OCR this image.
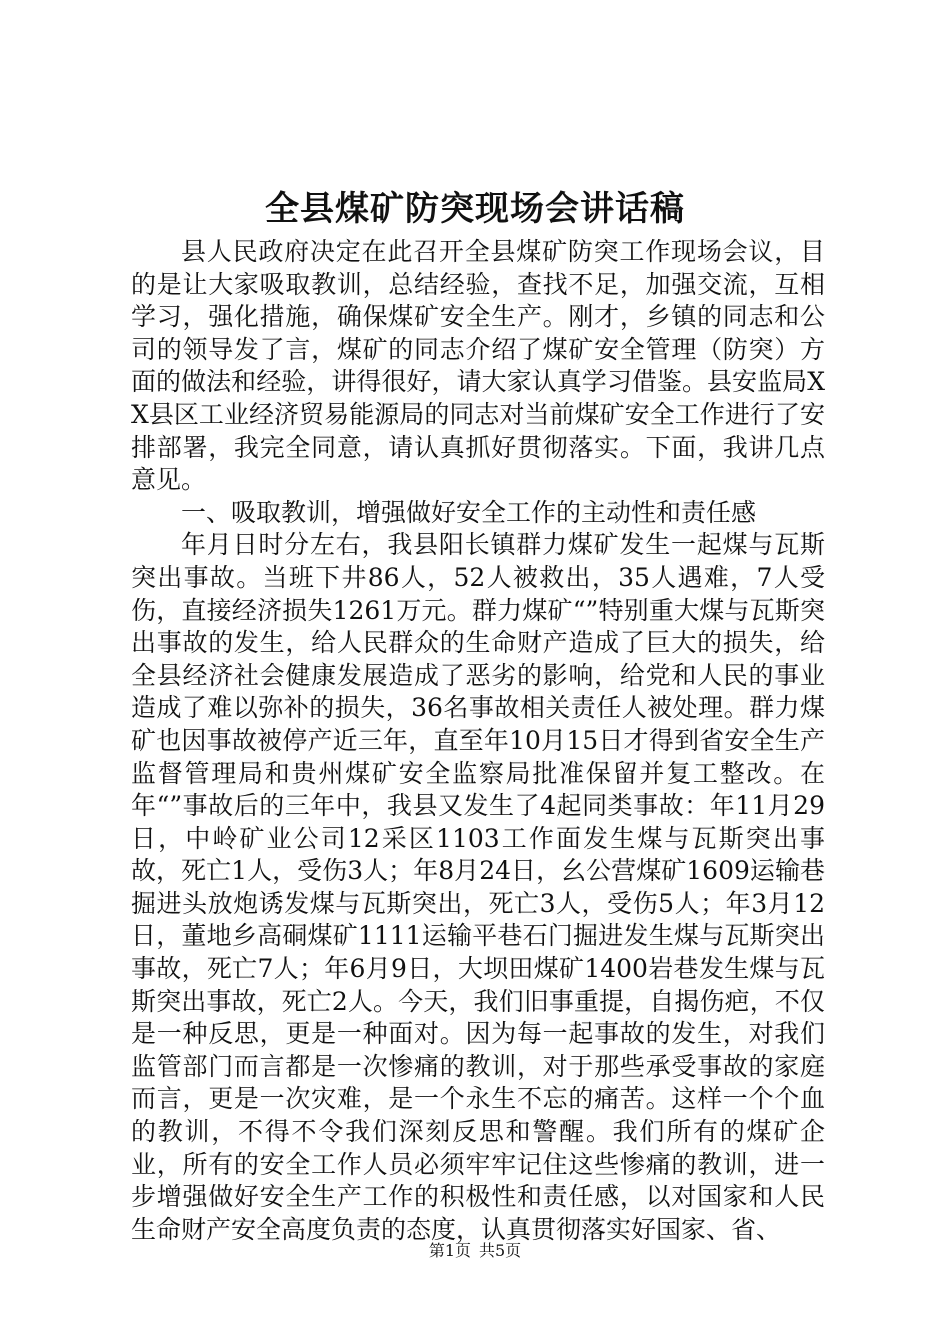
全县煤矿防突现场会讲话稿

县人民政府决定在此召开全县煤矿防突工作现场会议，目的是让大家吸取教训，总结经验，查找不足，加强交流，互相学习，强化措施，确保煤矿安全生产。刚才，乡镇的同志和公司的领导发了言，煤矿的同志介绍了煤矿安全管理（防突）方面的做法和经验，讲得很好，请大家认真学习借鉴。县安监局XX县区工业经济贸易能源局的同志对当前煤矿安全工作进行了安排部署，我完全同意，请认真抓好贯彻落实。下面，我讲几点意见。

一、吸取教训，增强做好安全工作的主动性和责任感

年月日时分左右，我县阳长镇群力煤矿发生一起煤与瓦斯突出事故。当班下井86人，52人被救出，35人遇难，7人受伤，直接经济损失1261万元。群力煤矿“”特别重大煤与瓦斯突出事故的发生，给人民群众的生命财产造成了巨大的损失，给全县经济社会健康发展造成了恶劣的影响，给党和人民的事业造成了难以弥补的损失，36名事故相关责任人被处理。群力煤矿也因事故被停产近三年，直至年10月15日才得到省安全生产监督管理局和贵州煤矿安全监察局批准保留并复工整改。在年“”事故后的三年中，我县又发生了4起同类事故：年11月29日，中岭矿业公司12采区1103工作面发生煤与瓦斯突出事故，死亡1人，受伤3人；年8月24日，幺公营煤矿1609运输巷掘进头放炮诱发煤与瓦斯突出，死亡3人，受伤5人；年3月12日，董地乡高硐煤矿1111运输平巷石门掘进发生煤与瓦斯突出事故，死亡7人；年6月9日，大坝田煤矿1400岩巷发生煤与瓦斯突出事故，死亡2人。今天，我们旧事重提，自揭伤疤，不仅是一种反思，更是一种面对。因为每一起事故的发生，对我们监管部门而言都是一次惨痛的教训，对于那些承受事故的家庭而言，更是一次灾难，是一个永生不忘的痛苦。这样一个个血的教训，不得不令我们深刻反思和警醒。我们所有的煤矿企业，所有的安全工作人员必须牢牢记住这些惨痛的教训，进一步增强做好安全生产工作的积极性和责任感，以对国家和人民生命财产安全高度负责的态度，认真贯彻落实好国家、省、

第1页 共5页
